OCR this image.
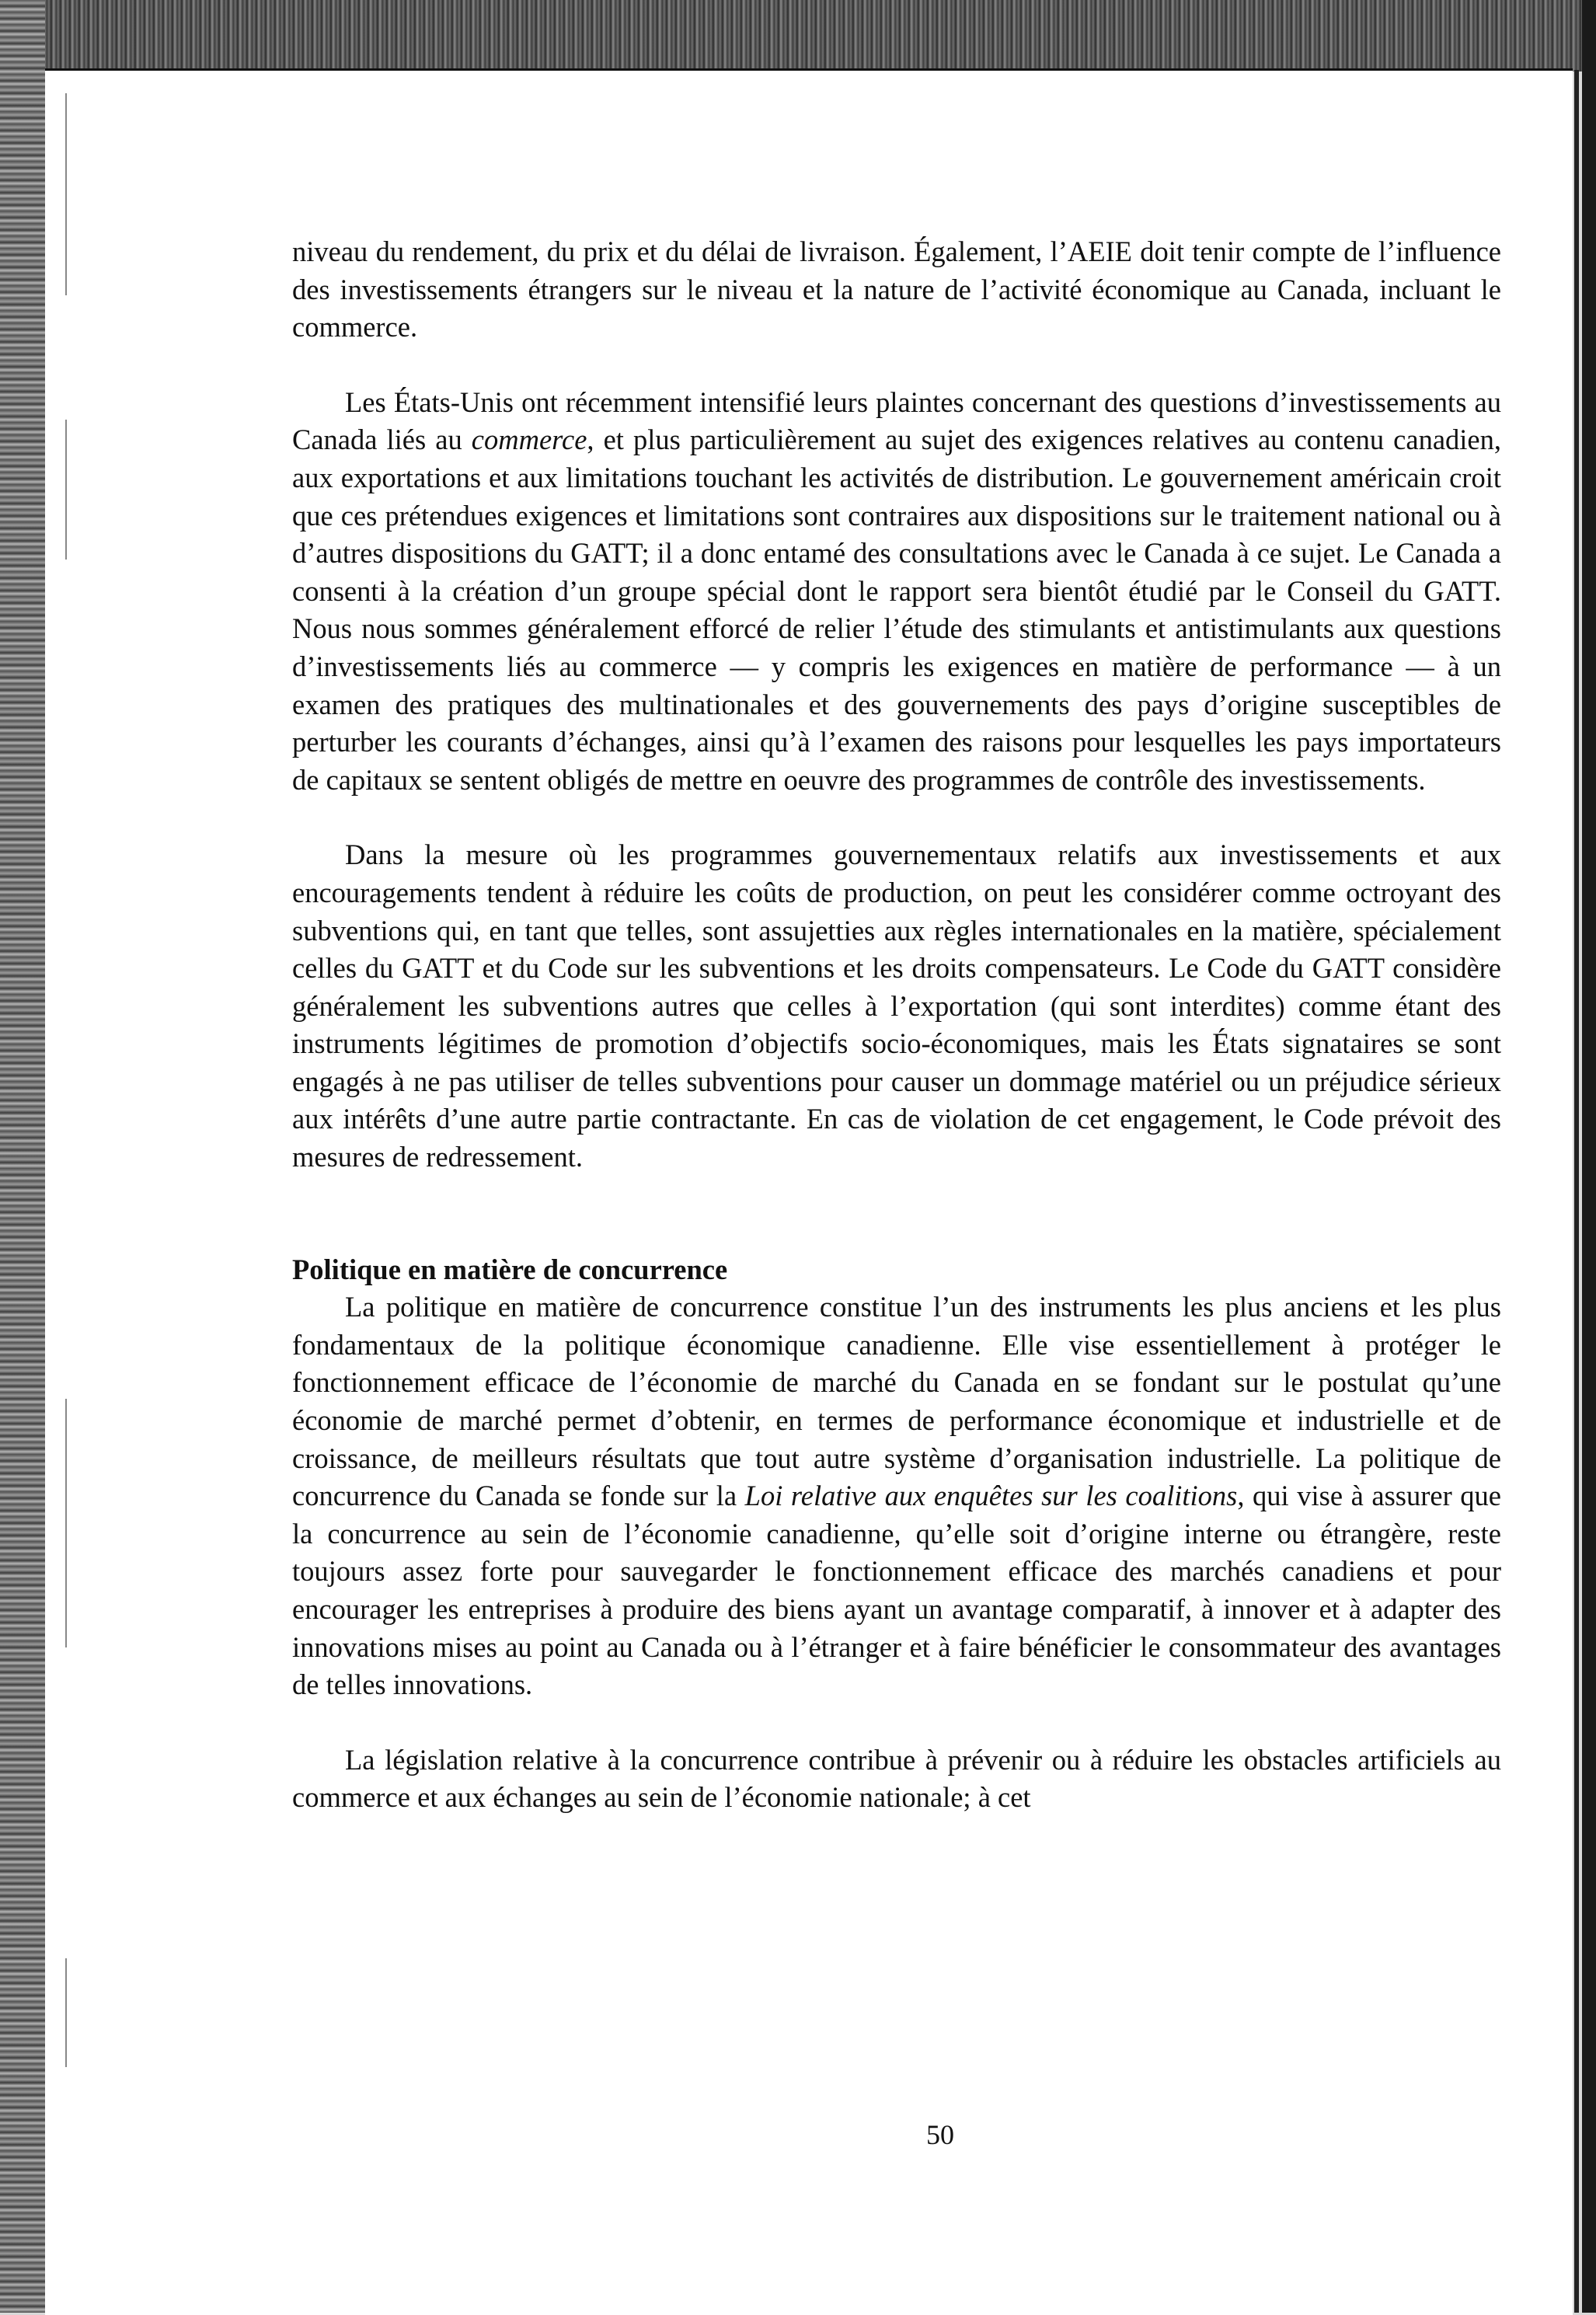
niveau du rendement, du prix et du délai de livraison. Également, l’AEIE doit tenir compte de l’influence des investissements étrangers sur le niveau et la nature de l’activité économique au Canada, incluant le commerce.

Les États-Unis ont récemment intensifié leurs plaintes concernant des questions d’investissements au Canada liés au commerce, et plus particulièrement au sujet des exigences relatives au contenu canadien, aux exportations et aux limitations touchant les activités de distribution. Le gouvernement américain croit que ces prétendues exigences et limitations sont contraires aux dispositions sur le traitement national ou à d’autres dispositions du GATT; il a donc entamé des consultations avec le Canada à ce sujet. Le Canada a consenti à la création d’un groupe spécial dont le rapport sera bientôt étudié par le Conseil du GATT. Nous nous sommes généralement efforcé de relier l’étude des stimulants et antistimulants aux questions d’investissements liés au commerce — y compris les exigences en matière de performance — à un examen des pratiques des multinationales et des gouvernements des pays d’origine susceptibles de perturber les courants d’échanges, ainsi qu’à l’examen des raisons pour lesquelles les pays importateurs de capitaux se sentent obligés de mettre en oeuvre des programmes de contrôle des investissements.

Dans la mesure où les programmes gouvernementaux relatifs aux investissements et aux encouragements tendent à réduire les coûts de production, on peut les considérer comme octroyant des subventions qui, en tant que telles, sont assujetties aux règles internationales en la matière, spécialement celles du GATT et du Code sur les subventions et les droits compensateurs. Le Code du GATT considère généralement les subventions autres que celles à l’exportation (qui sont interdites) comme étant des instruments légitimes de promotion d’objectifs socio-économiques, mais les États signataires se sont engagés à ne pas utiliser de telles subventions pour causer un dommage matériel ou un préjudice sérieux aux intérêts d’une autre partie contractante. En cas de violation de cet engagement, le Code prévoit des mesures de redressement.

Politique en matière de concurrence

La politique en matière de concurrence constitue l’un des instruments les plus anciens et les plus fondamentaux de la politique économique canadienne. Elle vise essentiellement à protéger le fonctionnement efficace de l’économie de marché du Canada en se fondant sur le postulat qu’une économie de marché permet d’obtenir, en termes de performance économique et industrielle et de croissance, de meilleurs résultats que tout autre système d’organisation industrielle. La politique de concurrence du Canada se fonde sur la Loi relative aux enquêtes sur les coalitions, qui vise à assurer que la concurrence au sein de l’économie canadienne, qu’elle soit d’origine interne ou étrangère, reste toujours assez forte pour sauvegarder le fonctionnement efficace des marchés canadiens et pour encourager les entreprises à produire des biens ayant un avantage comparatif, à innover et à adapter des innovations mises au point au Canada ou à l’étranger et à faire bénéficier le consommateur des avantages de telles innovations.

La législation relative à la concurrence contribue à prévenir ou à réduire les obstacles artificiels au commerce et aux échanges au sein de l’économie nationale; à cet

50
